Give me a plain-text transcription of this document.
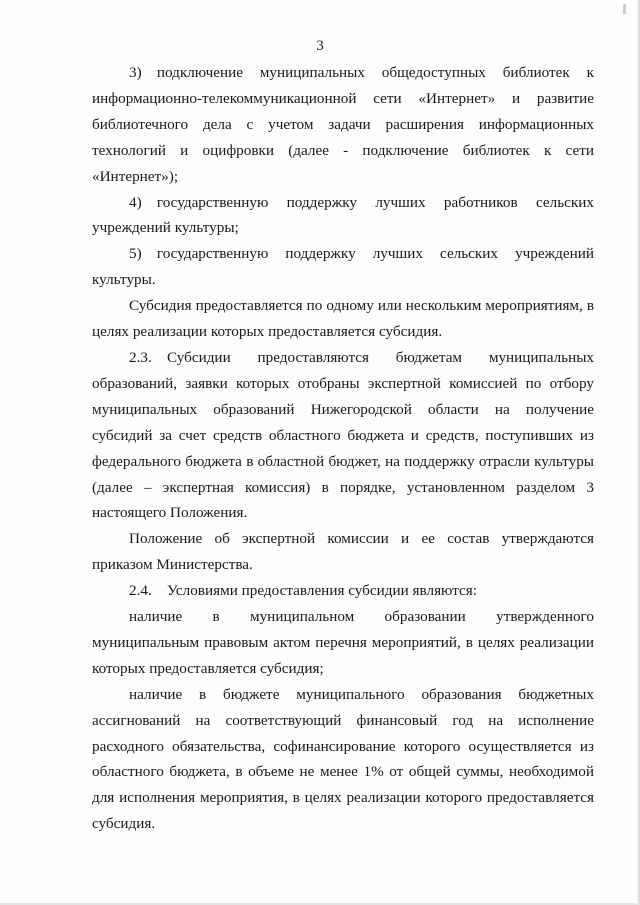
3

3) подключение муниципальных общедоступных библиотек к информационно-телекоммуникационной сети «Интернет» и развитие библиотечного дела с учетом задачи расширения информационных технологий и оцифровки (далее - подключение библиотек к сети «Интернет»);

4) государственную поддержку лучших работников сельских учреждений культуры;

5) государственную поддержку лучших сельских учреждений культуры.

Субсидия предоставляется по одному или нескольким мероприятиям, в целях реализации которых предоставляется субсидия.

2.3. Субсидии предоставляются бюджетам муниципальных образований, заявки которых отобраны экспертной комиссией по отбору муниципальных образований Нижегородской области на получение субсидий за счет средств областного бюджета и средств, поступивших из федерального бюджета в областной бюджет, на поддержку отрасли культуры (далее – экспертная комиссия) в порядке, установленном разделом 3 настоящего Положения.

Положение об экспертной комиссии и ее состав утверждаются приказом Министерства.

2.4. Условиями предоставления субсидии являются:

наличие в муниципальном образовании утвержденного муниципальным правовым актом перечня мероприятий, в целях реализации которых предоставляется субсидия;

наличие в бюджете муниципального образования бюджетных ассигнований на соответствующий финансовый год на исполнение расходного обязательства, софинансирование которого осуществляется из областного бюджета, в объеме не менее 1% от общей суммы, необходимой для исполнения мероприятия, в целях реализации которого предоставляется субсидия.
